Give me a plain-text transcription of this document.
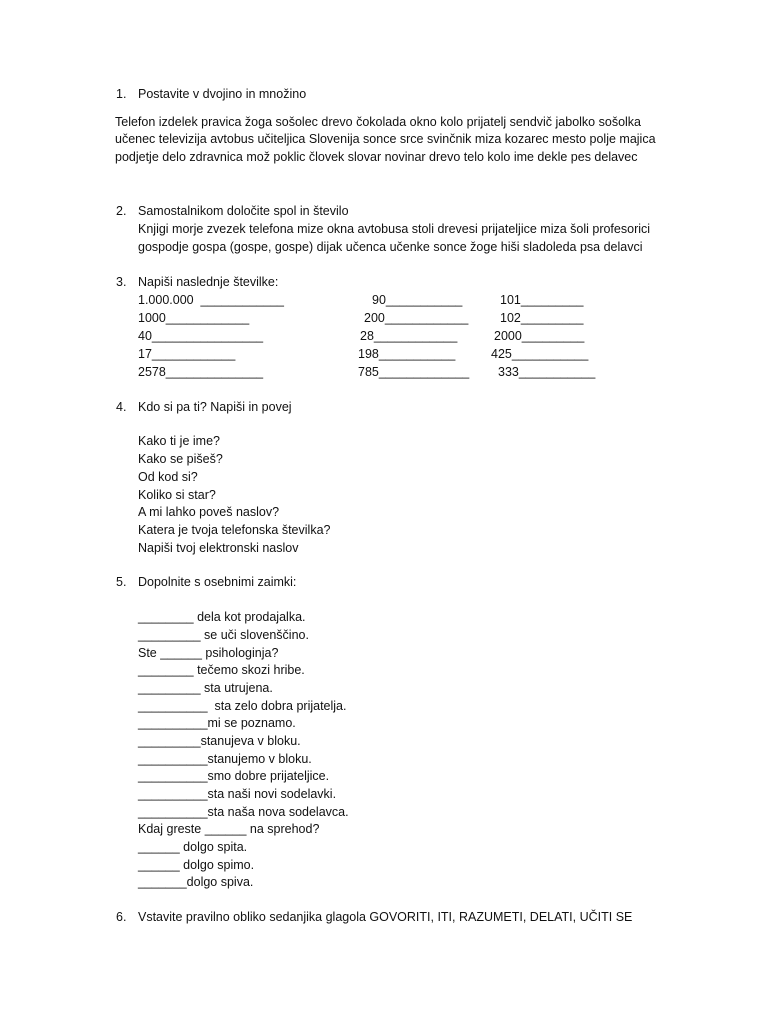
1. Postavite v dvojino in množino
Telefon izdelek pravica žoga sošolec drevo čokolada okno kolo prijatelj sendvič jabolko sošolka
učenec televizija avtobus učiteljica Slovenija sonce srce svinčnik miza kozarec mesto polje majica
podjetje delo zdravnica mož poklic človek slovar novinar drevo telo kolo ime dekle pes delavec
2. Samostalnikom določite spol in število
Knjigi morje zvezek telefona mize okna avtobusa stoli drevesi prijateljice miza šoli profesorici
gospodje gospa (gospe, gospe) dijak učenca učenke sonce žoge hiši sladoleda psa delavci
3. Napiši naslednje številke:
1.000.000  ____________	90___________	101_________
1000____________	200____________	102_________
40________________	28____________	2000_________
17____________	198___________	425___________
2578______________	785_____________ 333___________
4. Kdo si pa ti? Napiši in povej
Kako ti je ime?
Kako se pišeš?
Od kod si?
Koliko si star?
A mi lahko poveš naslov?
Katera je tvoja telefonska številka?
Napiši tvoj elektronski naslov
5. Dopolnite s osebnimi zaimki:
________ dela kot prodajalka.
_________ se uči slovenščino.
Ste ______ psihologinja?
________ tečemo skozi hribe.
_________ sta utrujena.
__________  sta zelo dobra prijatelja.
__________mi se poznamo.
_________stanujeva v bloku.
__________stanujemo v bloku.
__________smo dobre prijateljice.
__________sta naši novi sodelavki.
__________sta naša nova sodelavca.
Kdaj greste ______ na sprehod?
______ dolgo spita.
______ dolgo spimo.
_______dolgo spiva.
6. Vstavite pravilno obliko sedanjika glagola GOVORITI, ITI, RAZUMETI, DELATI, UČITI SE
